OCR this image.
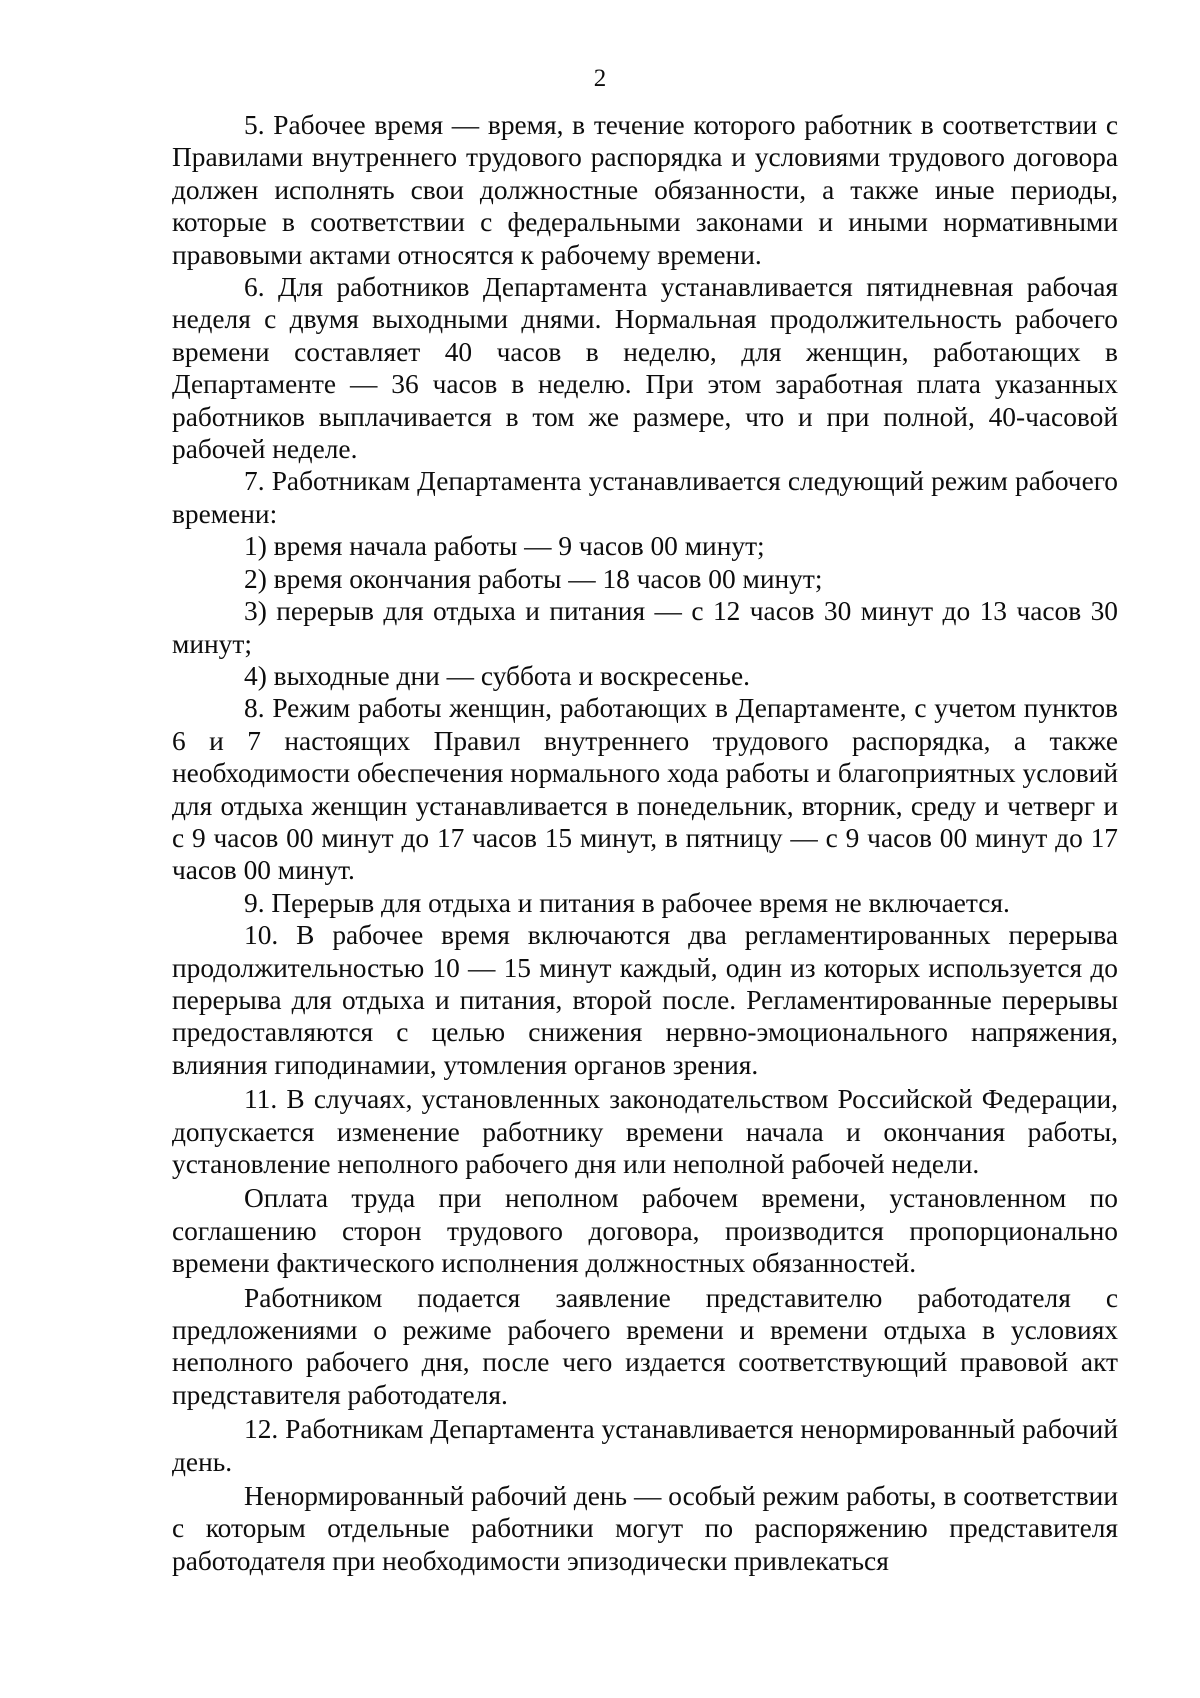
2

5. Рабочее время — время, в течение которого работник в соответствии с Правилами внутреннего трудового распорядка и условиями трудового договора должен исполнять свои должностные обязанности, а также иные периоды, которые в соответствии с федеральными законами и иными нормативными правовыми актами относятся к рабочему времени.

6. Для работников Департамента устанавливается пятидневная рабочая неделя с двумя выходными днями. Нормальная продолжительность рабочего времени составляет 40 часов в неделю, для женщин, работающих в Департаменте — 36 часов в неделю. При этом заработная плата указанных работников выплачивается в том же размере, что и при полной, 40-часовой рабочей неделе.

7. Работникам Департамента устанавливается следующий режим рабочего времени:

1) время начала работы — 9 часов 00 минут;

2) время окончания работы — 18 часов 00 минут;

3) перерыв для отдыха и питания — с 12 часов 30 минут до 13 часов 30 минут;

4) выходные дни — суббота и воскресенье.

8. Режим работы женщин, работающих в Департаменте, с учетом пунктов 6 и 7 настоящих Правил внутреннего трудового распорядка, а также необходимости обеспечения нормального хода работы и благоприятных условий для отдыха женщин устанавливается в понедельник, вторник, среду и четверг и с 9 часов 00 минут до 17 часов 15 минут, в пятницу — с 9 часов 00 минут до 17 часов 00 минут.

9. Перерыв для отдыха и питания в рабочее время не включается.

10. В рабочее время включаются два регламентированных перерыва продолжительностью 10 — 15 минут каждый, один из которых используется до перерыва для отдыха и питания, второй после. Регламентированные перерывы предоставляются с целью снижения нервно-эмоционального напряжения, влияния гиподинамии, утомления органов зрения.

11. В случаях, установленных законодательством Российской Федерации, допускается изменение работнику времени начала и окончания работы, установление неполного рабочего дня или неполной рабочей недели.

Оплата труда при неполном рабочем времени, установленном по соглашению сторон трудового договора, производится пропорционально времени фактического исполнения должностных обязанностей.

Работником подается заявление представителю работодателя с предложениями о режиме рабочего времени и времени отдыха в условиях неполного рабочего дня, после чего издается соответствующий правовой акт представителя работодателя.

12. Работникам Департамента устанавливается ненормированный рабочий день.

Ненормированный рабочий день — особый режим работы, в соответствии с которым отдельные работники могут по распоряжению представителя работодателя при необходимости эпизодически привлекаться
